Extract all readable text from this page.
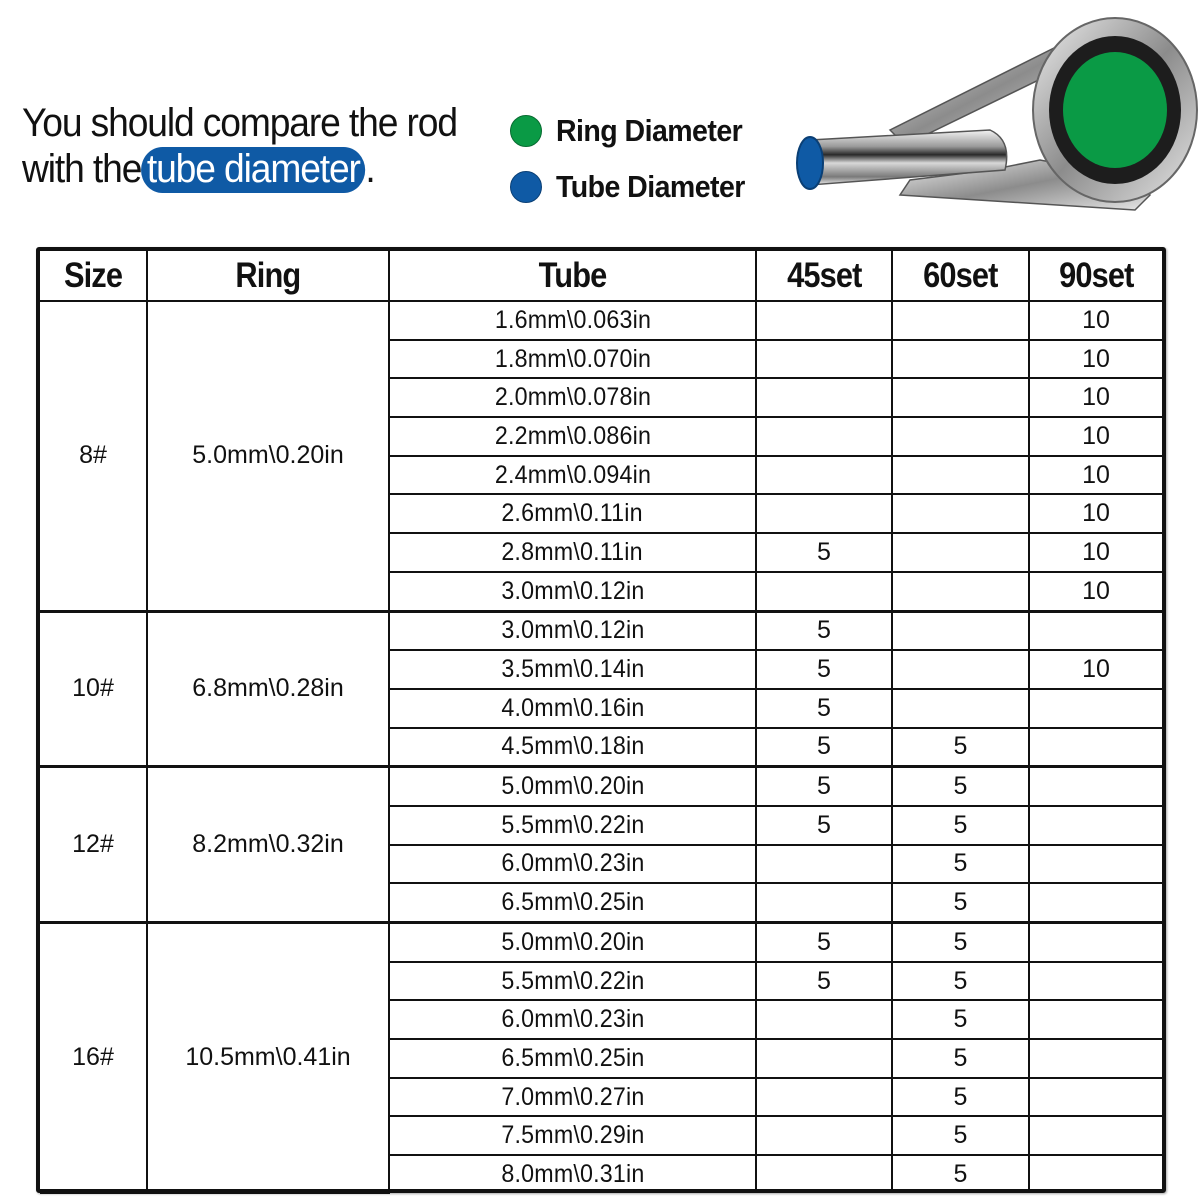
You should compare the rod
with the tube diameter .
Ring Diameter
Tube Diameter
Size	Ring	Tube	45set	60set	90set
8#	5.0mm\0.20in	1.6mm\0.063in			10
		1.8mm\0.070in			10
		2.0mm\0.078in			10
		2.2mm\0.086in			10
		2.4mm\0.094in			10
		2.6mm\0.11in			10
		2.8mm\0.11in	5		10
		3.0mm\0.12in			10
10#	6.8mm\0.28in	3.0mm\0.12in	5		
		3.5mm\0.14in	5		10
		4.0mm\0.16in	5		
		4.5mm\0.18in	5	5	
12#	8.2mm\0.32in	5.0mm\0.20in	5	5	
		5.5mm\0.22in	5	5	
		6.0mm\0.23in		5	
		6.5mm\0.25in		5	
16#	10.5mm\0.41in	5.0mm\0.20in	5	5	
		5.5mm\0.22in	5	5	
		6.0mm\0.23in		5	
		6.5mm\0.25in		5	
		7.0mm\0.27in		5	
		7.5mm\0.29in		5	
		8.0mm\0.31in		5	
